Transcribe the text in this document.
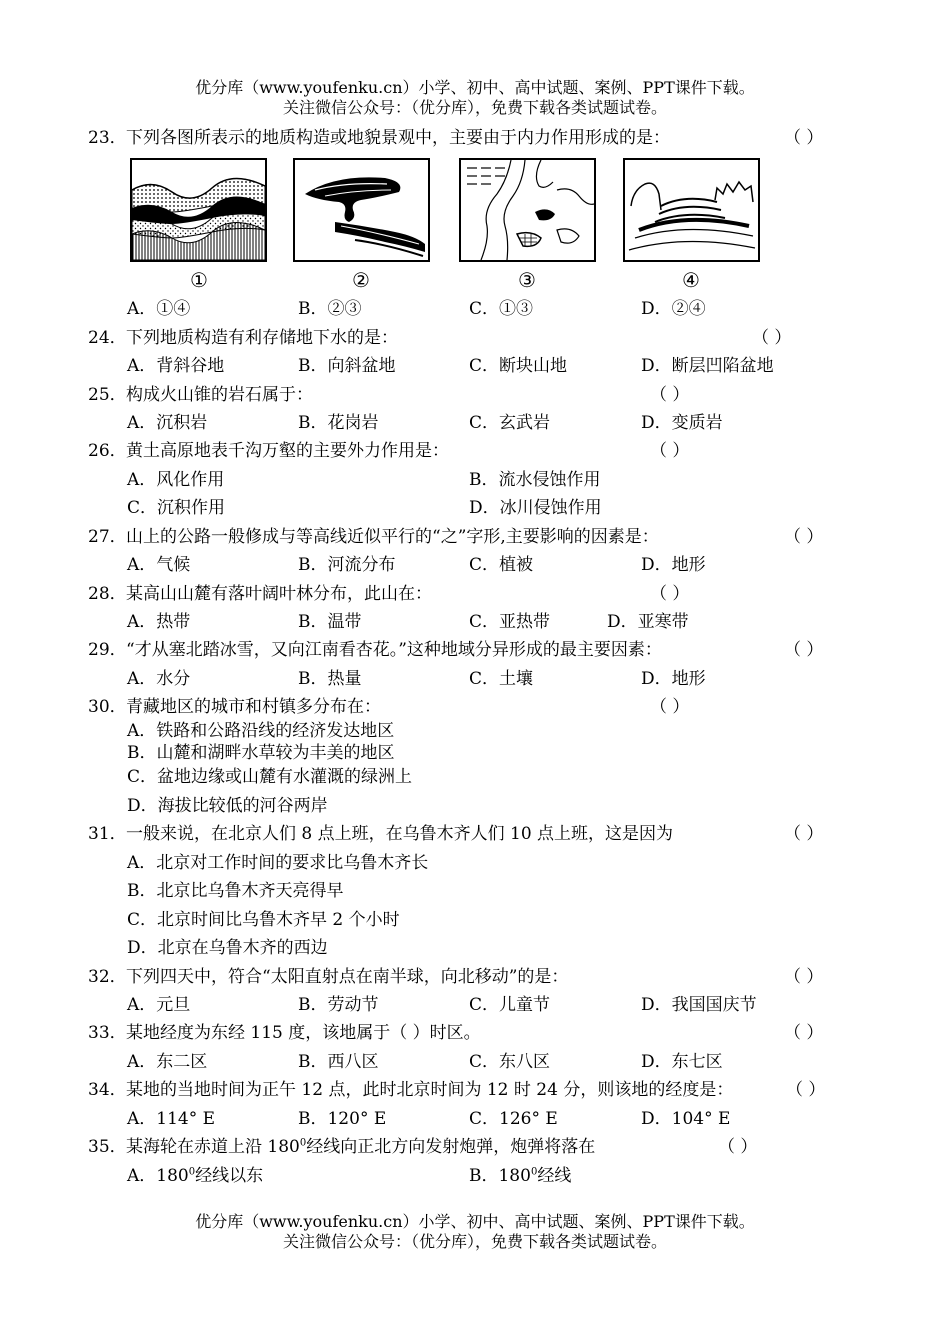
优分库（www.youfenku.cn）小学、初中、高中试题、案例、PPT课件下载。
关注微信公众号：（优分库），免费下载各类试题试卷。
23．下列各图所表示的地质构造或地貌景观中，主要由于内力作用形成的是：	（ ）
①	②	③	④
A．①④	B．②③	C．①③	D．②④
24．下列地质构造有利存储地下水的是：	（ ）
A．背斜谷地	B．向斜盆地	C．断块山地	D．断层凹陷盆地
25．构成火山锥的岩石属于：	（ ）
A．沉积岩	B．花岗岩	C．玄武岩	D．变质岩
26．黄土高原地表千沟万壑的主要外力作用是：	（ ）
A．风化作用	B．流水侵蚀作用
C．沉积作用	D．冰川侵蚀作用
27．山上的公路一般修成与等高线近似平行的“之”字形,主要影响的因素是：	（ ）
A．气候	B．河流分布	C．植被	D．地形
28．某高山山麓有落叶阔叶林分布，此山在：	（ ）
A．热带	B．温带	C．亚热带	D．亚寒带
29．“才从塞北踏冰雪，又向江南看杏花。”这种地域分异形成的最主要因素：	（ ）
A．水分	B．热量	C．土壤	D．地形
30．青藏地区的城市和村镇多分布在：	（ ）
A．铁路和公路沿线的经济发达地区
B．山麓和湖畔水草较为丰美的地区
C．盆地边缘或山麓有水灌溉的绿洲上
D．海拔比较低的河谷两岸
31．一般来说，在北京人们 8 点上班，在乌鲁木齐人们 10 点上班，这是因为	（ ）
A．北京对工作时间的要求比乌鲁木齐长
B．北京比乌鲁木齐天亮得早
C．北京时间比乌鲁木齐早 2 个小时
D．北京在乌鲁木齐的西边
32．下列四天中，符合“太阳直射点在南半球，向北移动”的是：	（ ）
A．元旦	B．劳动节	C．儿童节	D．我国国庆节
33．某地经度为东经 115 度，该地属于（ ）时区。	（ ）
A．东二区	B．西八区	C．东八区	D．东七区
34．某地的当地时间为正午 12 点，此时北京时间为 12 时 24 分，则该地的经度是：	（ ）
A．114° E	B．120° E	C．126° E	D．104° E
35．某海轮在赤道上沿 $180^0$经线向正北方向发射炮弹，炮弹将落在	（ ）
A．$180^0$经线以东	B．$180^0$经线
优分库（www.youfenku.cn）小学、初中、高中试题、案例、PPT课件下载。
关注微信公众号：（优分库），免费下载各类试题试卷。
